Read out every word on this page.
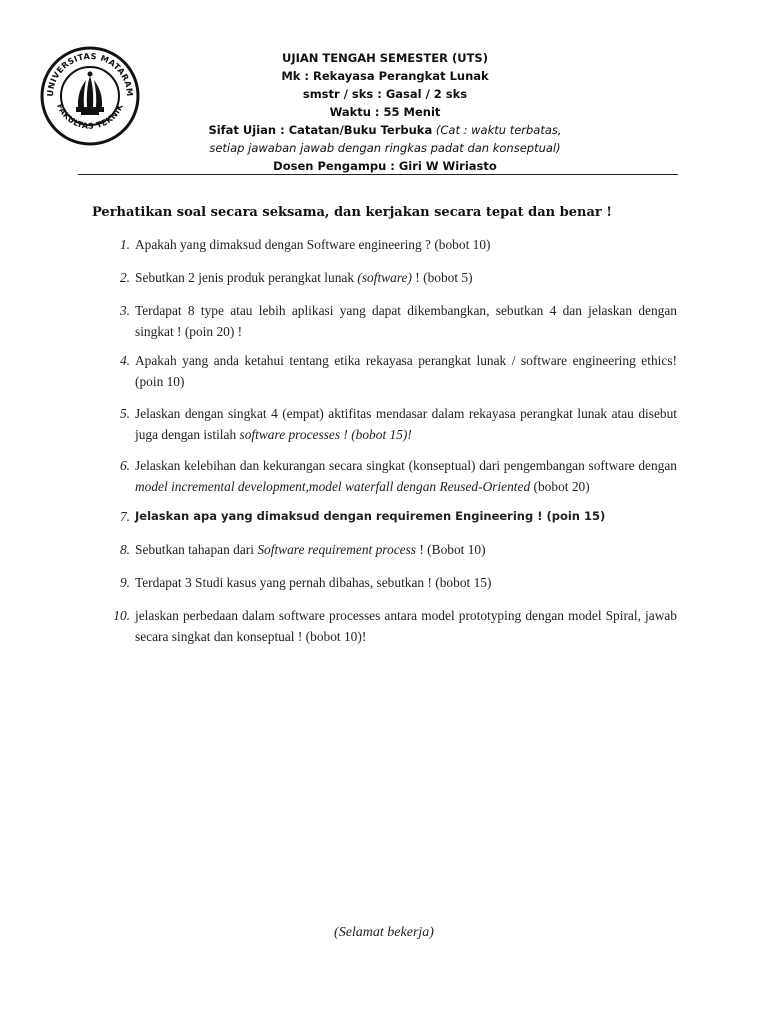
UNIVERSITAS MATARAM
FAKULTAS TEKNIK
UJIAN TENGAH SEMESTER (UTS)
Mk : Rekayasa Perangkat Lunak
smstr / sks : Gasal / 2 sks
Waktu : 55 Menit
Sifat Ujian : Catatan/Buku Terbuka (Cat : waktu terbatas,
setiap jawaban jawab dengan ringkas padat dan konseptual)
Dosen Pengampu : Giri W Wiriasto
Perhatikan soal secara seksama, dan kerjakan secara tepat dan benar !
1. Apakah yang dimaksud dengan Software engineering ? (bobot 10)
2. Sebutkan 2 jenis produk perangkat lunak (software) ! (bobot 5)
3. Terdapat 8 type atau lebih aplikasi yang dapat dikembangkan, sebutkan 4 dan jelaskan dengan singkat ! (poin 20) !
4. Apakah yang anda ketahui tentang etika rekayasa perangkat lunak / software engineering ethics! (poin 10)
5. Jelaskan dengan singkat 4 (empat) aktifitas mendasar dalam rekayasa perangkat lunak atau disebut juga dengan istilah software processes ! (bobot 15)!
6. Jelaskan kelebihan dan kekurangan secara singkat (konseptual) dari pengembangan software dengan model incremental development,model waterfall dengan Reused-Oriented (bobot 20)
7. Jelaskan apa yang dimaksud dengan requiremen Engineering ! (poin 15)
8. Sebutkan tahapan dari Software requirement process ! (Bobot 10)
9. Terdapat 3 Studi kasus yang pernah dibahas, sebutkan ! (bobot 15)
10. jelaskan perbedaan dalam software processes antara model prototyping dengan model Spiral, jawab secara singkat dan konseptual ! (bobot 10)!
(Selamat bekerja)
